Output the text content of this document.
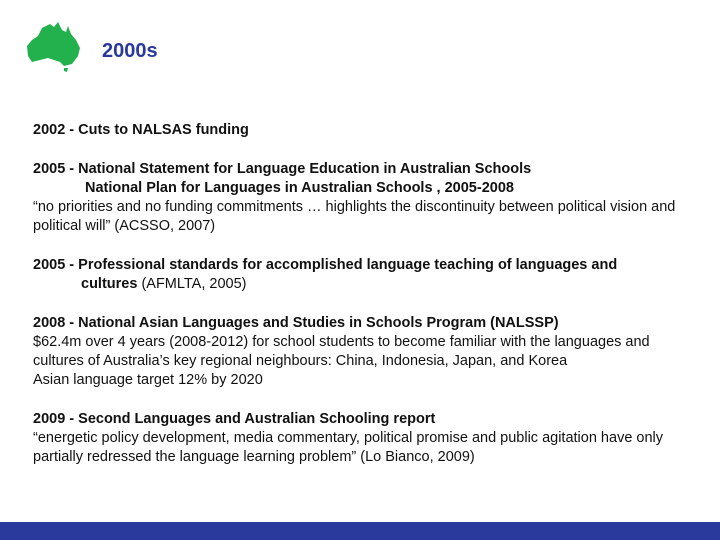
2000s
2002 - Cuts to NALSAS funding
2005 - National Statement for Language Education in Australian Schools
National Plan for Languages in Australian Schools , 2005-2008
“no priorities and no funding commitments … highlights the discontinuity between political vision and political will” (ACSSO, 2007)
2005 - Professional standards for accomplished language teaching of languages and
cultures (AFMLTA, 2005)
2008 - National Asian Languages and Studies in Schools Program (NALSSP)
$62.4m over 4 years (2008-2012) for school students to become familiar with the languages and cultures of Australia’s key regional neighbours: China, Indonesia, Japan, and Korea
Asian language target 12% by 2020
2009 - Second Languages and Australian Schooling report
“energetic policy development, media commentary, political promise and public agitation have only partially redressed the language learning problem” (Lo Bianco, 2009)
